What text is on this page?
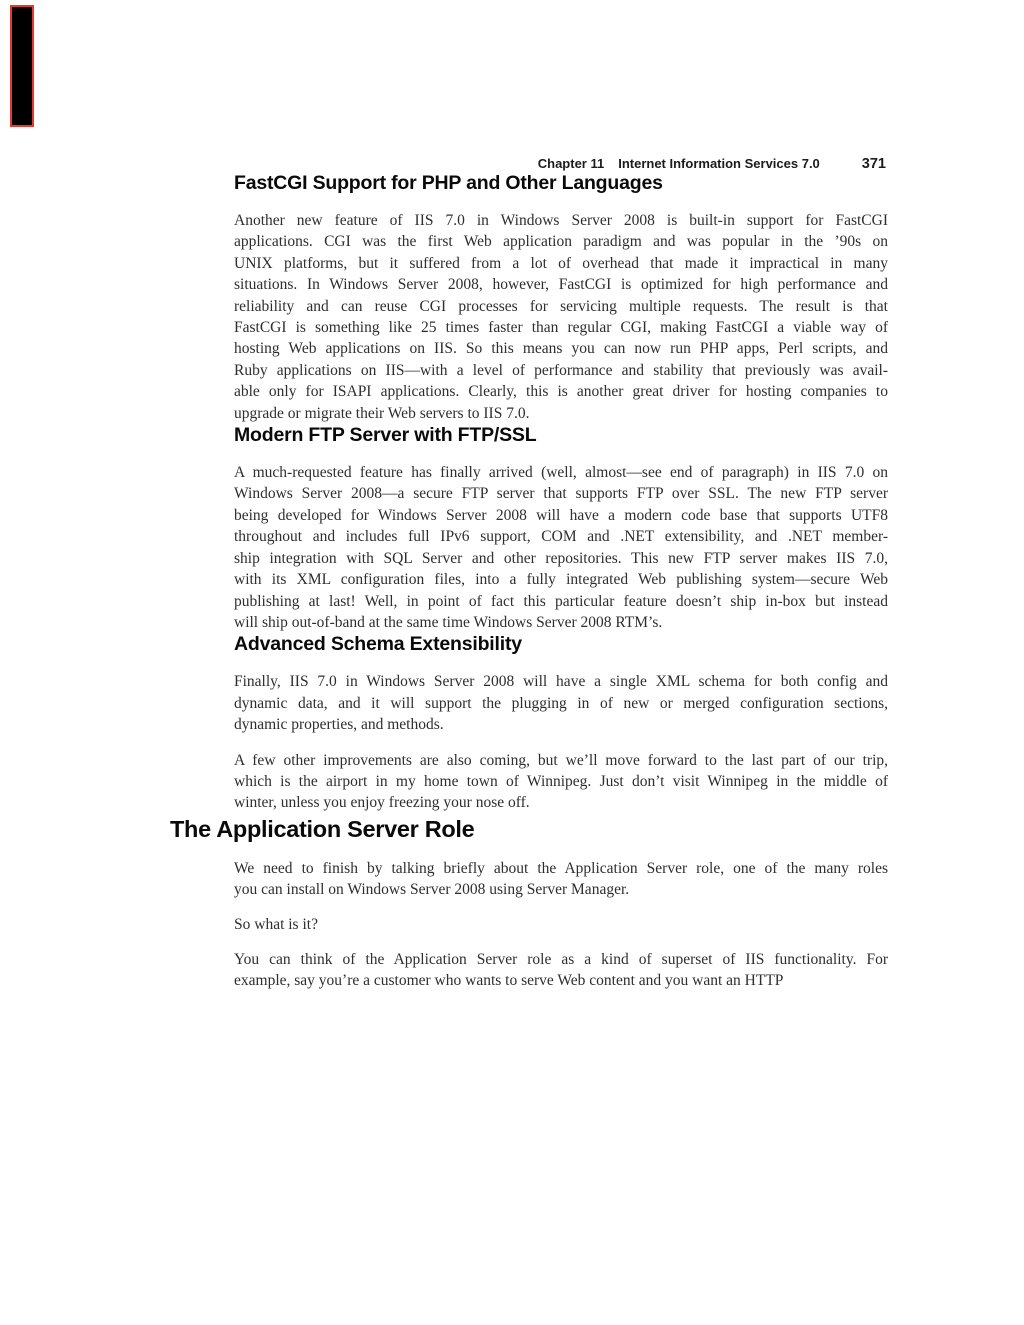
Chapter 11 Internet Information Services 7.0	371
FastCGI Support for PHP and Other Languages
Another new feature of IIS 7.0 in Windows Server 2008 is built-in support for FastCGI
applications. CGI was the first Web application paradigm and was popular in the ’90s on
UNIX platforms, but it suffered from a lot of overhead that made it impractical in many
situations. In Windows Server 2008, however, FastCGI is optimized for high performance and
reliability and can reuse CGI processes for servicing multiple requests. The result is that
FastCGI is something like 25 times faster than regular CGI, making FastCGI a viable way of
hosting Web applications on IIS. So this means you can now run PHP apps, Perl scripts, and
Ruby applications on IIS—with a level of performance and stability that previously was avail-
able only for ISAPI applications. Clearly, this is another great driver for hosting companies to
upgrade or migrate their Web servers to IIS 7.0.
Modern FTP Server with FTP/SSL
A much-requested feature has finally arrived (well, almost—see end of paragraph) in IIS 7.0 on
Windows Server 2008—a secure FTP server that supports FTP over SSL. The new FTP server
being developed for Windows Server 2008 will have a modern code base that supports UTF8
throughout and includes full IPv6 support, COM and .NET extensibility, and .NET member-
ship integration with SQL Server and other repositories. This new FTP server makes IIS 7.0,
with its XML configuration files, into a fully integrated Web publishing system—secure Web
publishing at last! Well, in point of fact this particular feature doesn’t ship in-box but instead
will ship out-of-band at the same time Windows Server 2008 RTM’s.
Advanced Schema Extensibility
Finally, IIS 7.0 in Windows Server 2008 will have a single XML schema for both config and
dynamic data, and it will support the plugging in of new or merged configuration sections,
dynamic properties, and methods.
A few other improvements are also coming, but we’ll move forward to the last part of our trip,
which is the airport in my home town of Winnipeg. Just don’t visit Winnipeg in the middle of
winter, unless you enjoy freezing your nose off.
The Application Server Role
We need to finish by talking briefly about the Application Server role, one of the many roles
you can install on Windows Server 2008 using Server Manager.
So what is it?
You can think of the Application Server role as a kind of superset of IIS functionality. For
example, say you’re a customer who wants to serve Web content and you want an HTTP
